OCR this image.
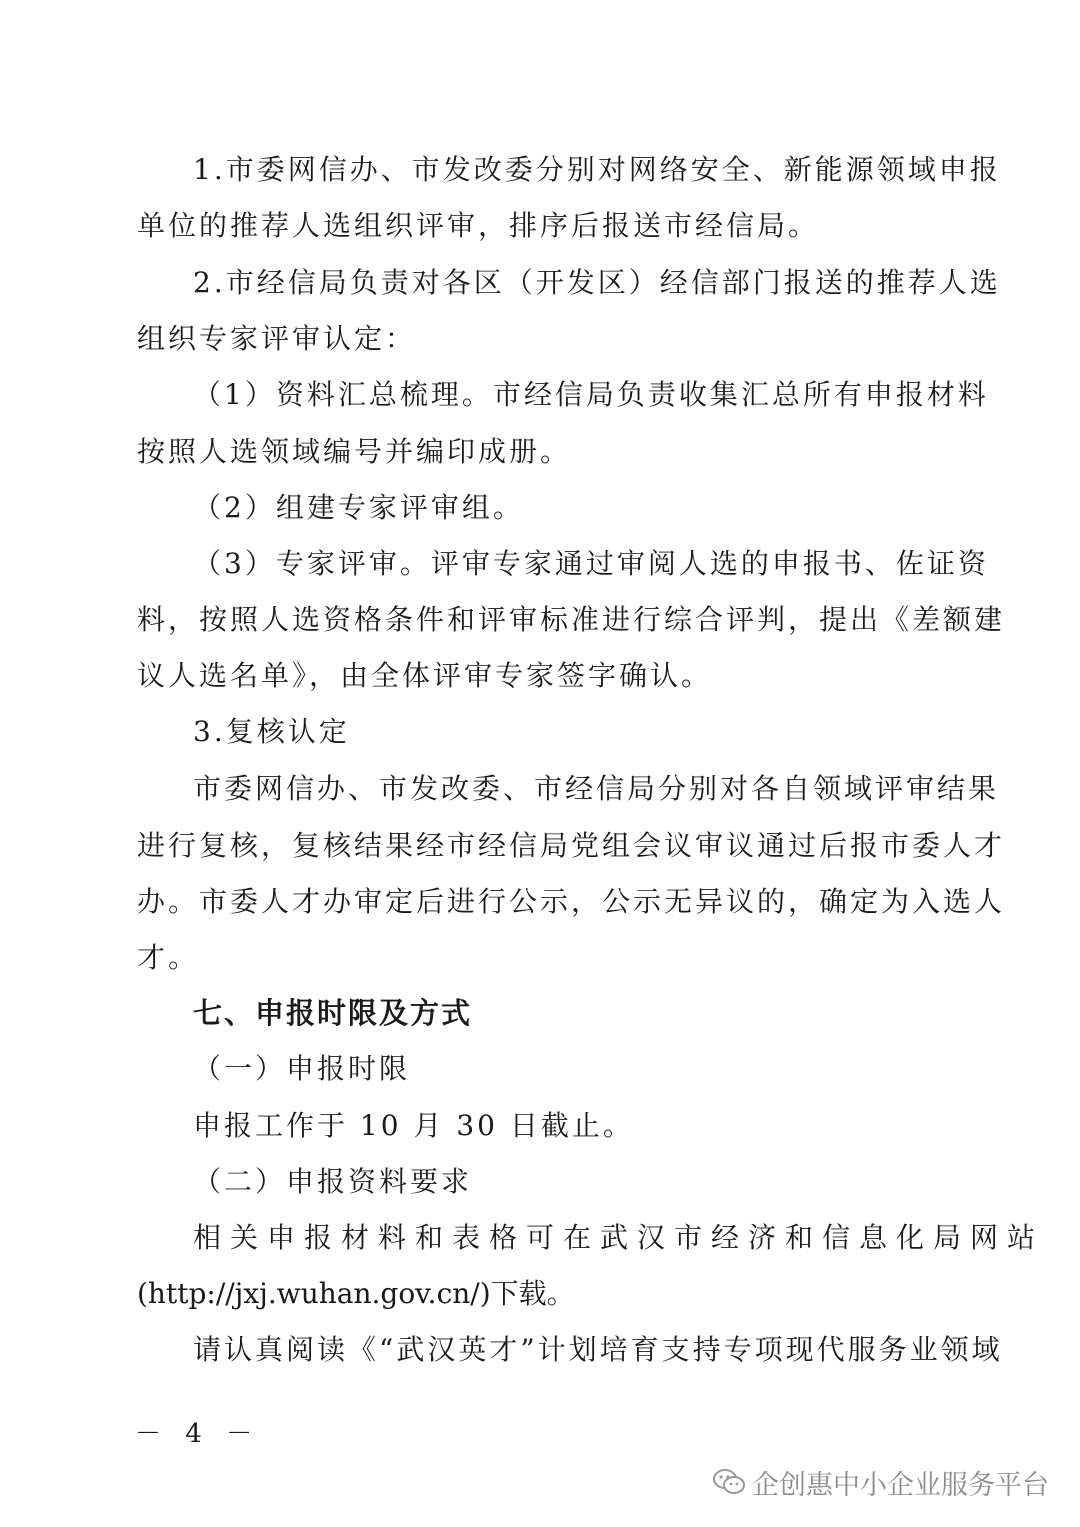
1.市委网信办、市发改委分别对网络安全、新能源领域申报
单位的推荐人选组织评审，排序后报送市经信局。
2.市经信局负责对各区（开发区）经信部门报送的推荐人选
组织专家评审认定：
（1）资料汇总梳理。市经信局负责收集汇总所有申报材料
按照人选领域编号并编印成册。
（2）组建专家评审组。
（3）专家评审。评审专家通过审阅人选的申报书、佐证资
料，按照人选资格条件和评审标准进行综合评判，提出《差额建
议人选名单》，由全体评审专家签字确认。
3.复核认定
市委网信办、市发改委、市经信局分别对各自领域评审结果
进行复核，复核结果经市经信局党组会议审议通过后报市委人才
办。市委人才办审定后进行公示，公示无异议的，确定为入选人
才。
七、申报时限及方式
（一）申报时限
申报工作于 10 月 30 日截止。
（二）申报资料要求
相关申报材料和表格可在武汉市经济和信息化局网站
(http://jxj.wuhan.gov.cn/)下载。
请认真阅读《“武汉英才”计划培育支持专项现代服务业领域
－ 4 －
企创惠中小企业服务平台
